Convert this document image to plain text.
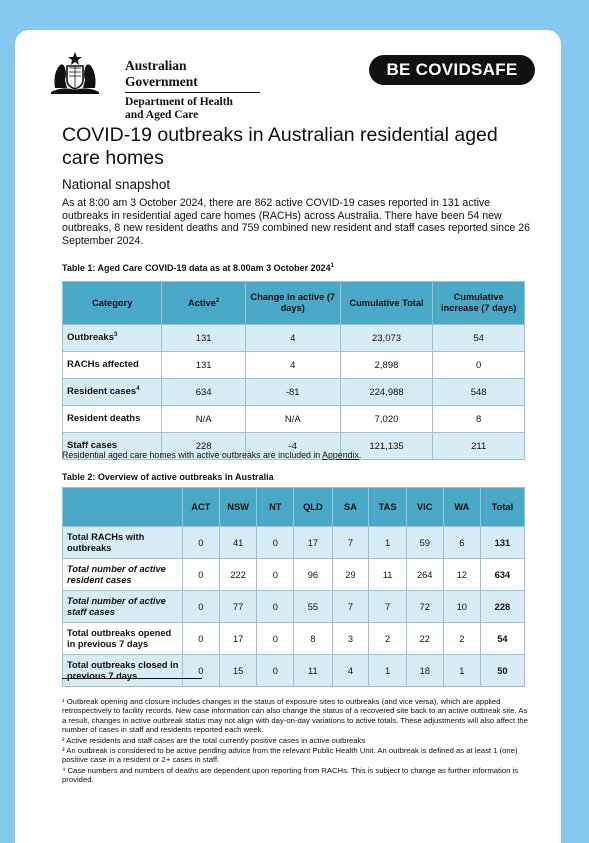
Australian Government
Department of Health
and Aged Care
BE COVIDSAFE
COVID-19 outbreaks in Australian residential aged care homes
National snapshot
As at 8:00 am 3 October 2024, there are 862 active COVID-19 cases reported in 131 active outbreaks in residential aged care homes (RACHs) across Australia. There have been 54 new outbreaks, 8 new resident deaths and 759 combined new resident and staff cases reported since 26 September 2024.
Table 1: Aged Care COVID-19 data as at 8.00am 3 October 2024$^1$
Category	Active$^2$	Change in active (7 days)	Cumulative Total	Cumulative increase (7 days)
Outbreaks$^3$	131	4	23,073	54
RACHs affected	131	4	2,898	0
Resident cases$^4$	634	-81	224,988	548
Resident deaths	N/A	N/A	7,020	8
Staff cases	228	-4	121,135	211
Residential aged care homes with active outbreaks are included in Appendix.
Table 2: Overview of active outbreaks in Australia
	ACT	NSW	NT	QLD	SA	TAS	VIC	WA	Total
Total RACHs with outbreaks	0	41	0	17	7	1	59	6	131
Total number of active resident cases	0	222	0	96	29	11	264	12	634
Total number of active staff cases	0	77	0	55	7	7	72	10	228
Total outbreaks opened in previous 7 days	0	17	0	8	3	2	22	2	54
Total outbreaks closed in previous 7 days	0	15	0	11	4	1	18	1	50

¹ Outbreak opening and closure includes changes in the status of exposure sites to outbreaks (and vice versa), which are applied retrospectively to facility records. New case information can also change the status of a recovered site back to an active outbreak site. As a result, changes in active outbreak status may not align with day-on-day variations to active totals. These adjustments will also affect the number of cases in staff and residents reported each week.

² Active residents and staff cases are the total currently positive cases in active outbreaks

³ An outbreak is considered to be active pending advice from the relevant Public Health Unit. An outbreak is defined as at least 1 (one) positive case in a resident or 2+ cases in staff.

⁴ Case numbers and numbers of deaths are dependent upon reporting from RACHs. This is subject to change as further information is provided.
